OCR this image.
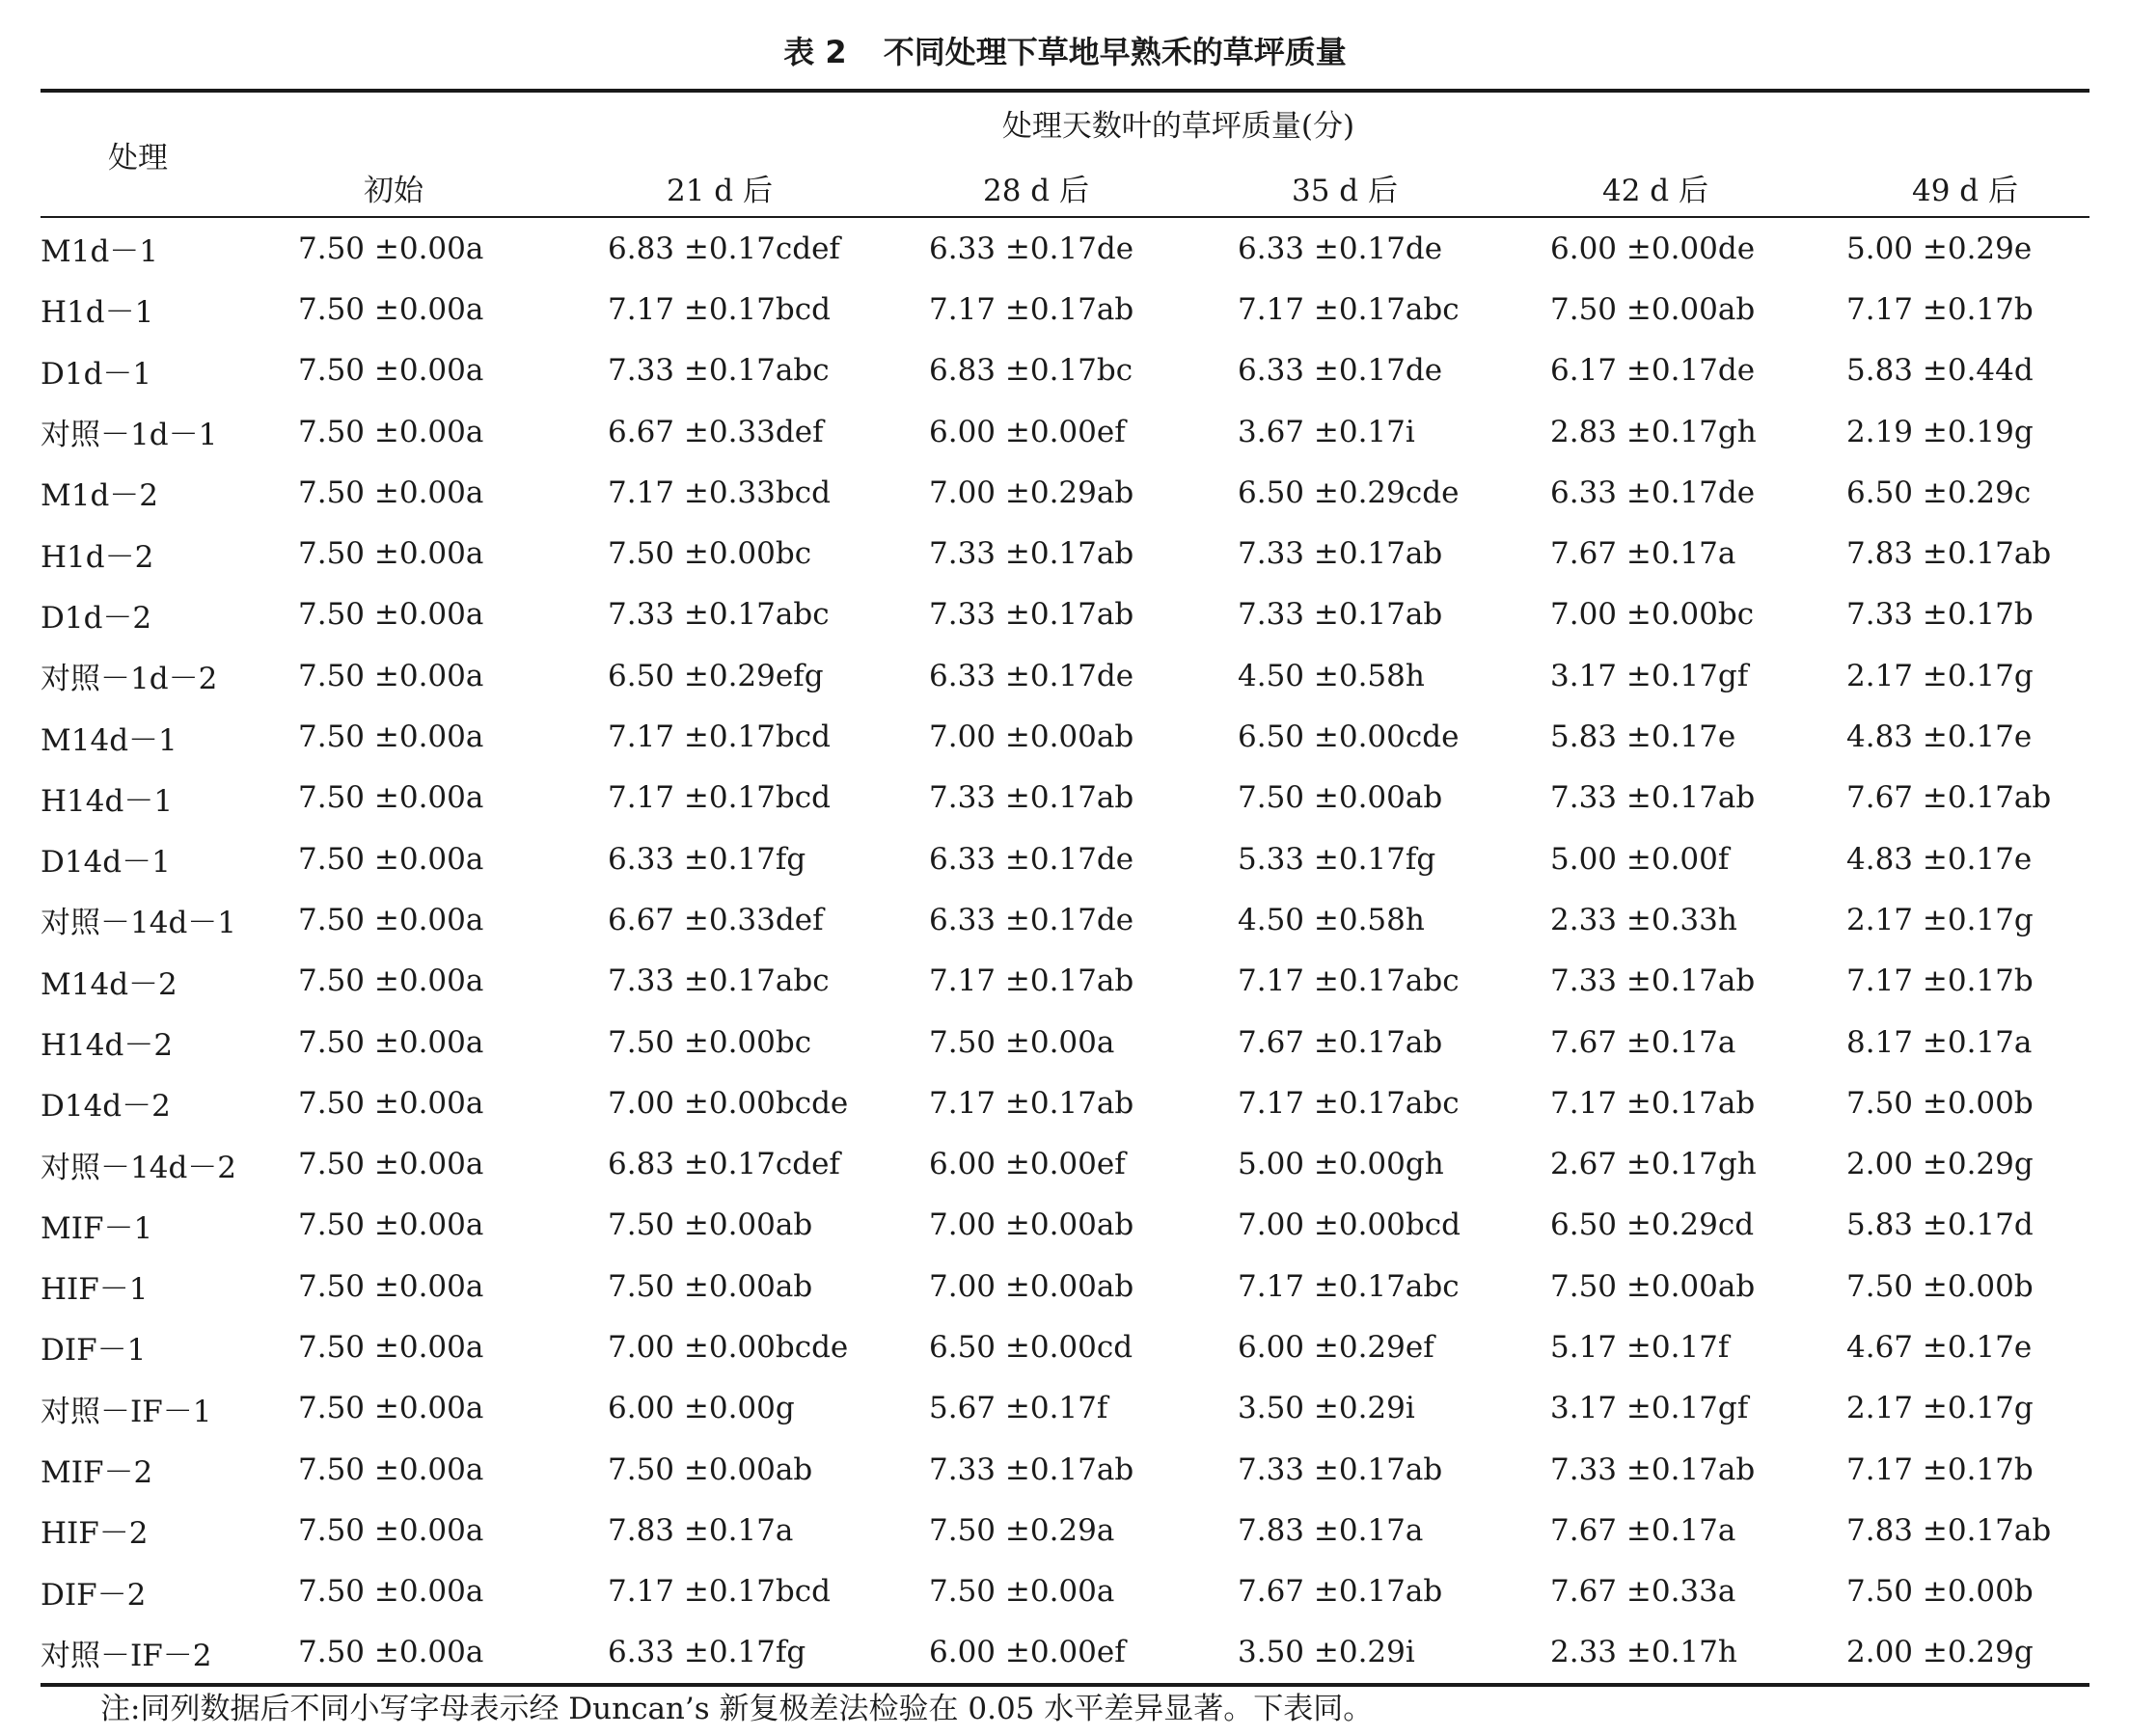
表 2 不同处理下草地早熟禾的草坪质量
处理	处理天数叶的草坪质量(分)					

	初始	21 d 后	28 d 后	35 d 后	42 d 后	49 d 后
M1d－1	7.50 ±0.00a	6.83 ±0.17cdef	6.33 ±0.17de	6.33 ±0.17de	6.00 ±0.00de	5.00 ±0.29e
H1d－1	7.50 ±0.00a	7.17 ±0.17bcd	7.17 ±0.17ab	7.17 ±0.17abc	7.50 ±0.00ab	7.17 ±0.17b
D1d－1	7.50 ±0.00a	7.33 ±0.17abc	6.83 ±0.17bc	6.33 ±0.17de	6.17 ±0.17de	5.83 ±0.44d
对照－1d－1	7.50 ±0.00a	6.67 ±0.33def	6.00 ±0.00ef	3.67 ±0.17i	2.83 ±0.17gh	2.19 ±0.19g
M1d－2	7.50 ±0.00a	7.17 ±0.33bcd	7.00 ±0.29ab	6.50 ±0.29cde	6.33 ±0.17de	6.50 ±0.29c
H1d－2	7.50 ±0.00a	7.50 ±0.00bc	7.33 ±0.17ab	7.33 ±0.17ab	7.67 ±0.17a	7.83 ±0.17ab
D1d－2	7.50 ±0.00a	7.33 ±0.17abc	7.33 ±0.17ab	7.33 ±0.17ab	7.00 ±0.00bc	7.33 ±0.17b
对照－1d－2	7.50 ±0.00a	6.50 ±0.29efg	6.33 ±0.17de	4.50 ±0.58h	3.17 ±0.17gf	2.17 ±0.17g
M14d－1	7.50 ±0.00a	7.17 ±0.17bcd	7.00 ±0.00ab	6.50 ±0.00cde	5.83 ±0.17e	4.83 ±0.17e
H14d－1	7.50 ±0.00a	7.17 ±0.17bcd	7.33 ±0.17ab	7.50 ±0.00ab	7.33 ±0.17ab	7.67 ±0.17ab
D14d－1	7.50 ±0.00a	6.33 ±0.17fg	6.33 ±0.17de	5.33 ±0.17fg	5.00 ±0.00f	4.83 ±0.17e
对照－14d－1	7.50 ±0.00a	6.67 ±0.33def	6.33 ±0.17de	4.50 ±0.58h	2.33 ±0.33h	2.17 ±0.17g
M14d－2	7.50 ±0.00a	7.33 ±0.17abc	7.17 ±0.17ab	7.17 ±0.17abc	7.33 ±0.17ab	7.17 ±0.17b
H14d－2	7.50 ±0.00a	7.50 ±0.00bc	7.50 ±0.00a	7.67 ±0.17ab	7.67 ±0.17a	8.17 ±0.17a
D14d－2	7.50 ±0.00a	7.00 ±0.00bcde	7.17 ±0.17ab	7.17 ±0.17abc	7.17 ±0.17ab	7.50 ±0.00b
对照－14d－2	7.50 ±0.00a	6.83 ±0.17cdef	6.00 ±0.00ef	5.00 ±0.00gh	2.67 ±0.17gh	2.00 ±0.29g
MIF－1	7.50 ±0.00a	7.50 ±0.00ab	7.00 ±0.00ab	7.00 ±0.00bcd	6.50 ±0.29cd	5.83 ±0.17d
HIF－1	7.50 ±0.00a	7.50 ±0.00ab	7.00 ±0.00ab	7.17 ±0.17abc	7.50 ±0.00ab	7.50 ±0.00b
DIF－1	7.50 ±0.00a	7.00 ±0.00bcde	6.50 ±0.00cd	6.00 ±0.29ef	5.17 ±0.17f	4.67 ±0.17e
对照－IF－1	7.50 ±0.00a	6.00 ±0.00g	5.67 ±0.17f	3.50 ±0.29i	3.17 ±0.17gf	2.17 ±0.17g
MIF－2	7.50 ±0.00a	7.50 ±0.00ab	7.33 ±0.17ab	7.33 ±0.17ab	7.33 ±0.17ab	7.17 ±0.17b
HIF－2	7.50 ±0.00a	7.83 ±0.17a	7.50 ±0.29a	7.83 ±0.17a	7.67 ±0.17a	7.83 ±0.17ab
DIF－2	7.50 ±0.00a	7.17 ±0.17bcd	7.50 ±0.00a	7.67 ±0.17ab	7.67 ±0.33a	7.50 ±0.00b
对照－IF－2	7.50 ±0.00a	6.33 ±0.17fg	6.00 ±0.00ef	3.50 ±0.29i	2.33 ±0.17h	2.00 ±0.29g
注:同列数据后不同小写字母表示经 Duncan’s 新复极差法检验在 0.05 水平差异显著。下表同。
